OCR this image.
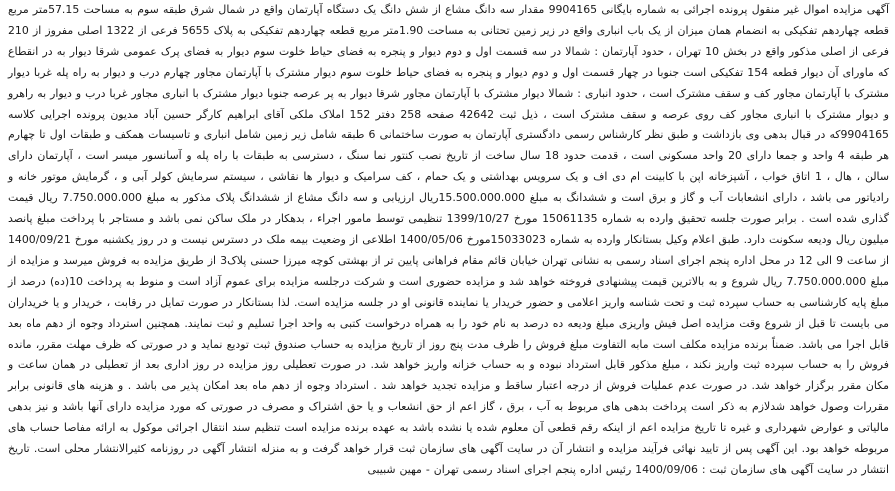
آگهی مزایده اموال غیر منقول پرونده اجرائی به شماره بایگانی 9904165 مقدار سه دانگ مشاع از شش دانگ یک دستگاه آپارتمان واقع در شمال شرق طبقه سوم به مساحت 57.15متر مربع قطعه چهاردهم تفکیکی به انضمام همان میزان از یک باب انباری واقع در زیر زمین تحتانی به مساحت 1.90متر مربع قطعه چهاردهم تفکیکی به پلاک 5655 فرعی از 1322 اصلی مفروز از 210 فرعی از اصلی مذکور واقع در بخش 10 تهران ، حدود آپارتمان : شمالا در سه قسمت اول و دوم دیوار و پنجره به فضای حیاط خلوت سوم دیوار به فضای پرک عمومی شرقا دیوار به در انقطاع که ماورای آن دیوار قطعه 154 تفکیکی است جنوبا در چهار قسمت اول و دوم دیوار و پنجره به فضای حیاط خلوت سوم دیوار مشترک با آپارتمان مجاور چهارم درب و دیوار به راه پله غربا دیوار مشترک با آپارتمان مجاور کف و سقف مشترک است ، حدود انباری : شمالا دیوار مشترک با آپارتمان مجاور شرقا دیوار به پر عرصه جنوبا دیوار مشترک با انباری مجاور غربا درب و دیوار به راهرو و دیوار مشترک با انباری مجاور کف روی عرصه و سقف مشترک است ، ذیل ثبت 42642 صفحه 258 دفتر 152 املاک ملکی آقای ابراهیم کارگر حسین آباد مدیون پرونده اجرایی کلاسه 9904165که در قبال بدهی وی بازداشت و طبق نظر کارشناس رسمی دادگستری آپارتمان به صورت ساختمانی 6 طبقه شامل زیر زمین شامل انباری و تاسیسات همکف و طبقات اول تا چهارم هر طبقه 4 واحد و جمعا دارای 20 واحد مسکونی است ، قدمت حدود 18 سال ساخت از تاریخ نصب کنتور نما سنگ ، دسترسی به طبقات با راه پله و آسانسور میسر است ، آپارتمان دارای سالن ، هال ، 1 اتاق خواب ، آشپزخانه اپن با کابینت ام دی اف و یک سرویس بهداشتی و یک حمام ، کف سرامیک و دیوار ها نقاشی ، سیستم سرمایش کولر آبی و ، گرمایش موتور خانه و رادیاتور می باشد ، دارای انشعابات آب و گاز و برق است و ششدانگ به مبلغ 15.500.000.000ریال ارزیابی و سه دانگ مشاع از ششدانگ پلاک مذکور به مبلغ 7.750.000.000 ریال قیمت گذاری شده است . برابر صورت جلسه تحقیق وارده به شماره 15061135 مورخ 1399/10/27 تنظیمی توسط مامور اجراء ، بدهکار در ملک ساکن نمی باشد و مستاجر با پرداخت مبلغ پانصد میلیون ریال ودیعه سکونت دارد. طبق اعلام وکیل بستانکار وارده به شماره 15033023مورخ 1400/05/06 اطلاعی از وضعیت بیمه ملک در دسترس نیست و در روز یکشنبه مورخ 1400/09/21 از ساعت 9 الی 12 در محل اداره پنجم اجرای اسناد رسمی به نشانی تهران خیابان قائم مقام فراهانی پایین تر از بهشتی کوچه میرزا حسنی پلاک3 از طریق مزایده به فروش میرسد و مزایده از مبلغ 7.750.000.000 ریال شروع و به بالاترین قیمت پیشنهادی فروخته خواهد شد و مزایده حضوری است و شرکت درجلسه مزایده برای عموم آزاد است و منوط به پرداخت 10(ده) درصد از مبلغ پایه کارشناسی به حساب سپرده ثبت و تحت شناسه واریز اعلامی و حضور خریدار یا نماینده قانونی او در جلسه مزایده است. لذا بستانکار در صورت تمایل در رقابت ، خریدار و یا خریداران می بایست تا قبل از شروع وقت مزایده اصل فیش واریزی مبلغ ودیعه ده درصد به نام خود را به همراه درخواست کتبی به واحد اجرا تسلیم و ثبت نمایند. همچنین استرداد وجوه از دهم ماه بعد قابل اجرا می باشد. ضمناً برنده مزایده مکلف است مابه التفاوت مبلغ فروش را ظرف مدت پنج روز از تاریخ مزایده به حساب صندوق ثبت تودیع نماید و در صورتی که ظرف مهلت مقرر، مانده فروش را به حساب سپرده ثبت واریز نکند ، مبلغ مذکور قابل استرداد نبوده و به حساب خزانه واریز خواهد شد. در صورت تعطیلی روز مزایده در روز اداری بعد از تعطیلی در همان ساعت و مکان مقرر برگزار خواهد شد. در صورت عدم عملیات فروش از درجه اعتبار ساقط و مزایده تجدید خواهد شد . استرداد وجوه از دهم ماه بعد امکان پذیر می باشد . و هزینه های قانونی برابر مقررات وصول خواهد شدلازم به ذکر است پرداخت بدهی های مربوط به آب ، برق ، گاز اعم از حق انشعاب و یا حق اشتراک و مصرف در صورتی که مورد مزایده دارای آنها باشد و نیز بدهی مالیاتی و عوارض شهرداری و غیره تا تاریخ مزایده اعم از اینکه رقم قطعی آن معلوم شده یا نشده باشد به عهده برنده مزایده است تنظیم سند انتقال اجرائی موکول به ارائه مفاصا حساب های مربوطه خواهد بود. این آگهی پس از تایید نهائی فرآیند مزایده و انتشار آن در سایت آگهی های سازمان ثبت قرار خواهد گرفت و به منزله انتشار آگهی در روزنامه کثیرالانتشار محلی است. تاریخ انتشار در سایت آگهی های سازمان ثبت : 1400/09/06 رئیس اداره پنجم اجرای اسناد رسمی تهران - مهین شبیبی
